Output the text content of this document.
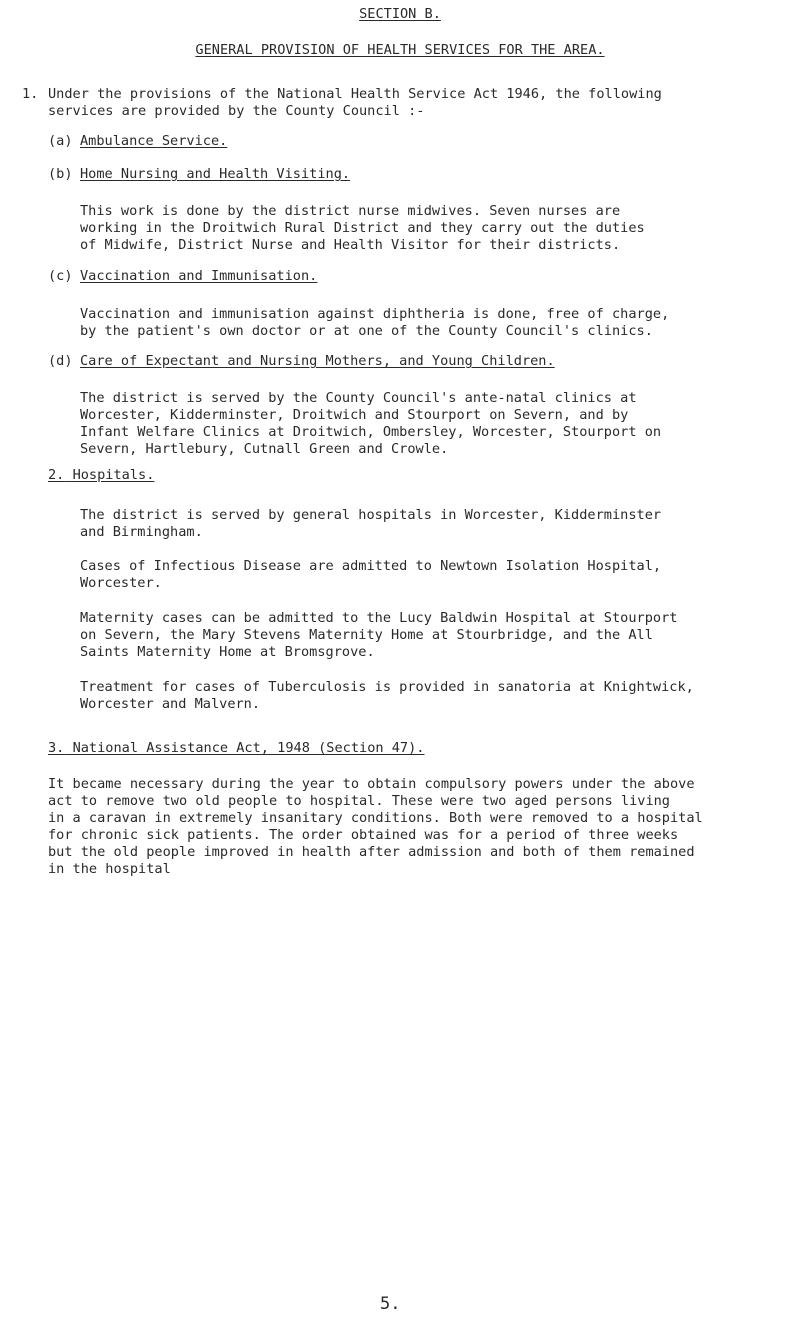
SECTION B.
GENERAL PROVISION OF HEALTH SERVICES FOR THE AREA.
1. Under the provisions of the National Health Service Act 1946, the following
services are provided by the County Council :-
(a) Ambulance Service.
(b) Home Nursing and Health Visiting.
This work is done by the district nurse midwives. Seven nurses are
working in the Droitwich Rural District and they carry out the duties
of Midwife, District Nurse and Health Visitor for their districts.
(c) Vaccination and Immunisation.
Vaccination and immunisation against diphtheria is done, free of charge,
by the patient's own doctor or at one of the County Council's clinics.
(d) Care of Expectant and Nursing Mothers, and Young Children.
The district is served by the County Council's ante-natal clinics at
Worcester, Kidderminster, Droitwich and Stourport on Severn, and by
Infant Welfare Clinics at Droitwich, Ombersley, Worcester, Stourport on
Severn, Hartlebury, Cutnall Green and Crowle.
2. Hospitals.
The district is served by general hospitals in Worcester, Kidderminster
and Birmingham.
Cases of Infectious Disease are admitted to Newtown Isolation Hospital,
Worcester.
Maternity cases can be admitted to the Lucy Baldwin Hospital at Stourport
on Severn, the Mary Stevens Maternity Home at Stourbridge, and the All
Saints Maternity Home at Bromsgrove.
Treatment for cases of Tuberculosis is provided in sanatoria at Knightwick,
Worcester and Malvern.
3. National Assistance Act, 1948 (Section 47).
It became necessary during the year to obtain compulsory powers under the above
act to remove two old people to hospital. These were two aged persons living
in a caravan in extremely insanitary conditions. Both were removed to a hospital
for chronic sick patients. The order obtained was for a period of three weeks
but the old people improved in health after admission and both of them remained
in the hospital
5.
